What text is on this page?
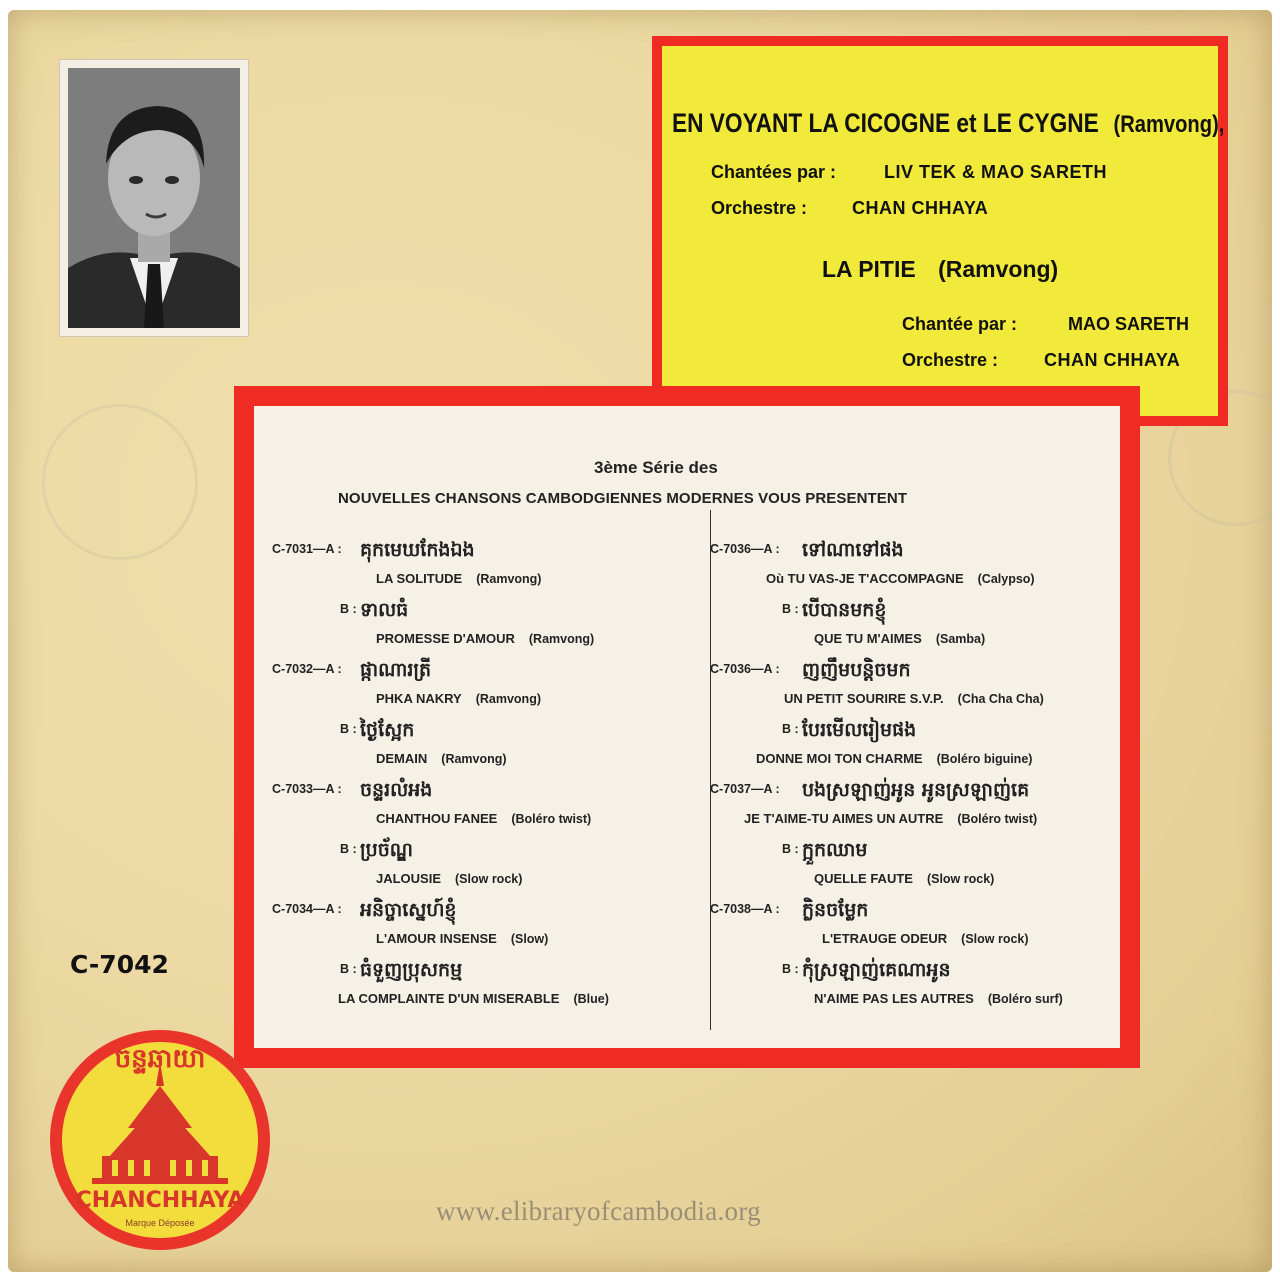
EN VOYANT LA CICOGNE et LE CYGNE (Ramvong),
Chantées par :	LIV TEK & MAO SARETH
Orchestre : CHAN CHHAYA
LA PITIE (Ramvong)
Chantée par :	MAO SARETH
Orchestre :	CHAN CHHAYA
3ème Série des
NOUVELLES CHANSONS CAMBODGIENNES MODERNES VOUS PRESENTENT
C-7031—A : គុកមេឃកែងឯង
LA SOLITUDE (Ramvong)
B : ទាលធំ
PROMESSE D'AMOUR (Ramvong)
C-7032—A : ផ្កាណារត្រី
PHKA NAKRY (Ramvong)
B : ថ្ងៃស្អែក
DEMAIN (Ramvong)
C-7033—A : ចន្ទរលំអង
CHANTHOU FANEE (Boléro twist)
B : ប្រច័ណ្ឌ
JALOUSIE (Slow rock)
C-7034—A : អនិច្ចាស្នេហ៍ខ្ញុំ
L'AMOUR INSENSE (Slow)
B : ធំទួញប្រុសកម្ម
LA COMPLAINTE D'UN MISERABLE (Blue)
C-7036—A : ទៅណាទៅផង
Où TU VAS-JE T'ACCOMPAGNE (Calypso)
B : បើបានមកខ្ញុំ
QUE TU M'AIMES (Samba)
C-7036—A : ញញឹមបន្តិចមក
UN PETIT SOURIRE S.V.P. (Cha Cha Cha)
B : បែរមើលរៀមផង
DONNE MOI TON CHARME (Boléro biguine)
C-7037—A : បងស្រឡាញ់អូន អូនស្រឡាញ់គេ
JE T'AIME-TU AIMES UN AUTRE (Boléro twist)
B : ក្អួកឈាម
QUELLE FAUTE (Slow rock)
C-7038—A : ក្លិនចម្លែក
L'ETRAUGE ODEUR (Slow rock)
B : កុំស្រឡាញ់គេណាអូន
N'AIME PAS LES AUTRES (Boléro surf)
C-7042
ចន្ទឆាយា
CHANCHHAYA
Marque Déposée	www.elibraryofcambodia.org
